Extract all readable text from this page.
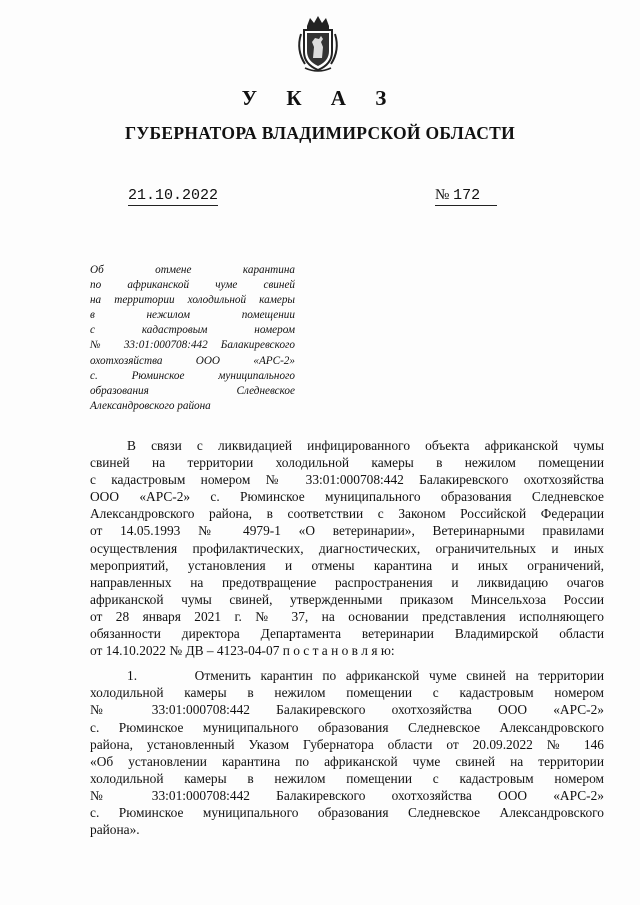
У К А З
ГУБЕРНАТОРА ВЛАДИМИРСКОЙ ОБЛАСТИ
21.10.2022	№ 172
Об отмене карантина
по африканской чуме свиней
на территории холодильной камеры
в нежилом помещении
с кадастровым номером
№ 33:01:000708:442 Балакиревского
охотхозяйства ООО «АРС-2»
с. Рюминское муниципального
образования Следневское
Александровского района
В связи с ликвидацией инфицированного объекта африканской чумы
свиней на территории холодильной камеры в нежилом помещении
с кадастровым номером № 33:01:000708:442 Балакиревского охотхозяйства
ООО «АРС-2» с. Рюминское муниципального образования Следневское
Александровского района, в соответствии с Законом Российской Федерации
от 14.05.1993 № 4979-1 «О ветеринарии», Ветеринарными правилами
осуществления профилактических, диагностических, ограничительных и иных
мероприятий, установления и отмены карантина и иных ограничений,
направленных на предотвращение распространения и ликвидацию очагов
африканской чумы свиней, утвержденными приказом Минсельхоза России
от 28 января 2021 г. № 37, на основании представления исполняющего
обязанности директора Департамента ветеринарии Владимирской области
от 14.10.2022 № ДВ – 4123-04-07 п о с т а н о в л я ю:
1.      Отменить карантин по африканской чуме свиней на территории
холодильной камеры в нежилом помещении с кадастровым номером
№ 33:01:000708:442 Балакиревского охотхозяйства ООО «АРС-2»
с. Рюминское муниципального образования Следневское Александровского
района, установленный Указом Губернатора области от 20.09.2022 № 146
«Об установлении карантина по африканской чуме свиней на территории
холодильной камеры в нежилом помещении с кадастровым номером
№ 33:01:000708:442 Балакиревского охотхозяйства ООО «АРС-2»
с. Рюминское муниципального образования Следневское Александровского
района».
